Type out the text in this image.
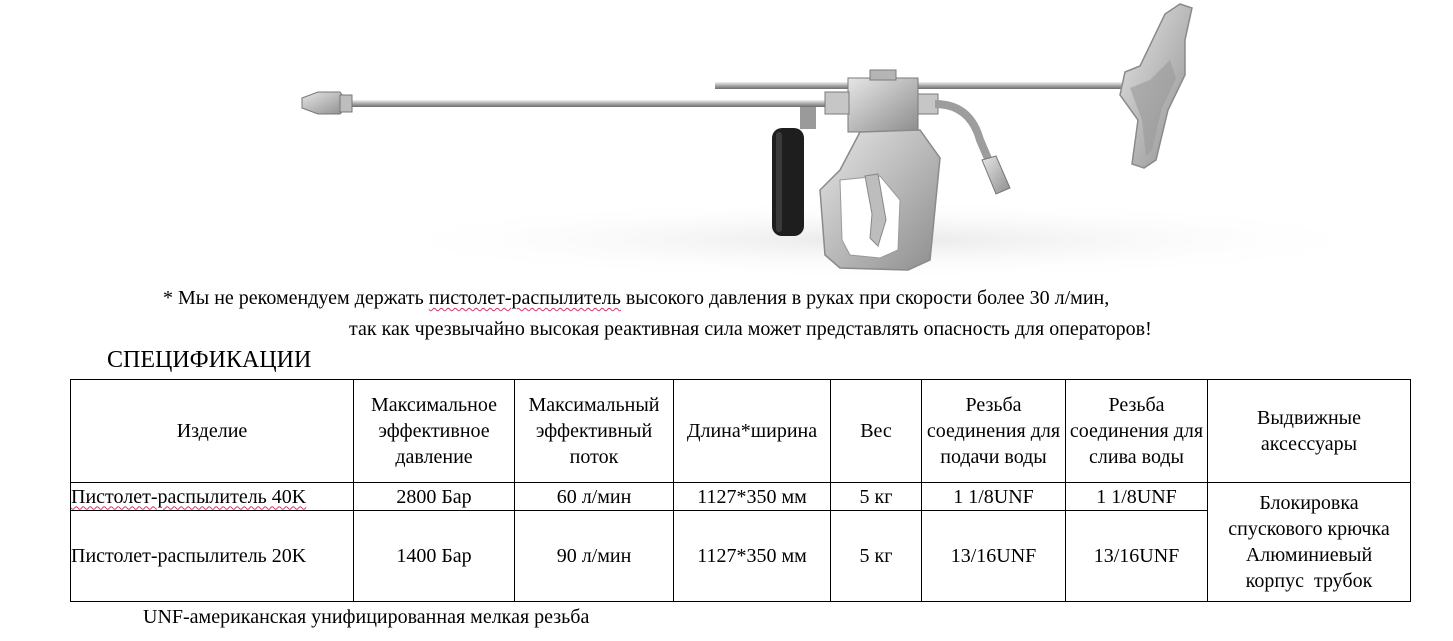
* Мы не рекомендуем держать пистолет-распылитель высокого давления в руках при скорости более 30 л/мин,
так как чрезвычайно высокая реактивная сила может представлять опасность для операторов!
СПЕЦИФИКАЦИИ
Изделие	Максимальное эффективное давление	Максимальный эффективный поток	Длина*ширина	Вес	Резьба соединения для подачи воды	Резьба соединения для слива воды	Выдвижные аксессуары
Пистолет-распылитель 40K	2800 Бар	60 л/мин	1127*350 мм	5 кг	1 1/8UNF	1 1/8UNF	Блокировка
спускового крючка
Алюминиевый
корпус  трубок

Пистолет-распылитель 20K	1400 Бар	90 л/мин	1127*350 мм	5 кг	13/16UNF	13/16UNF	
UNF-американская унифицированная мелкая резьба
